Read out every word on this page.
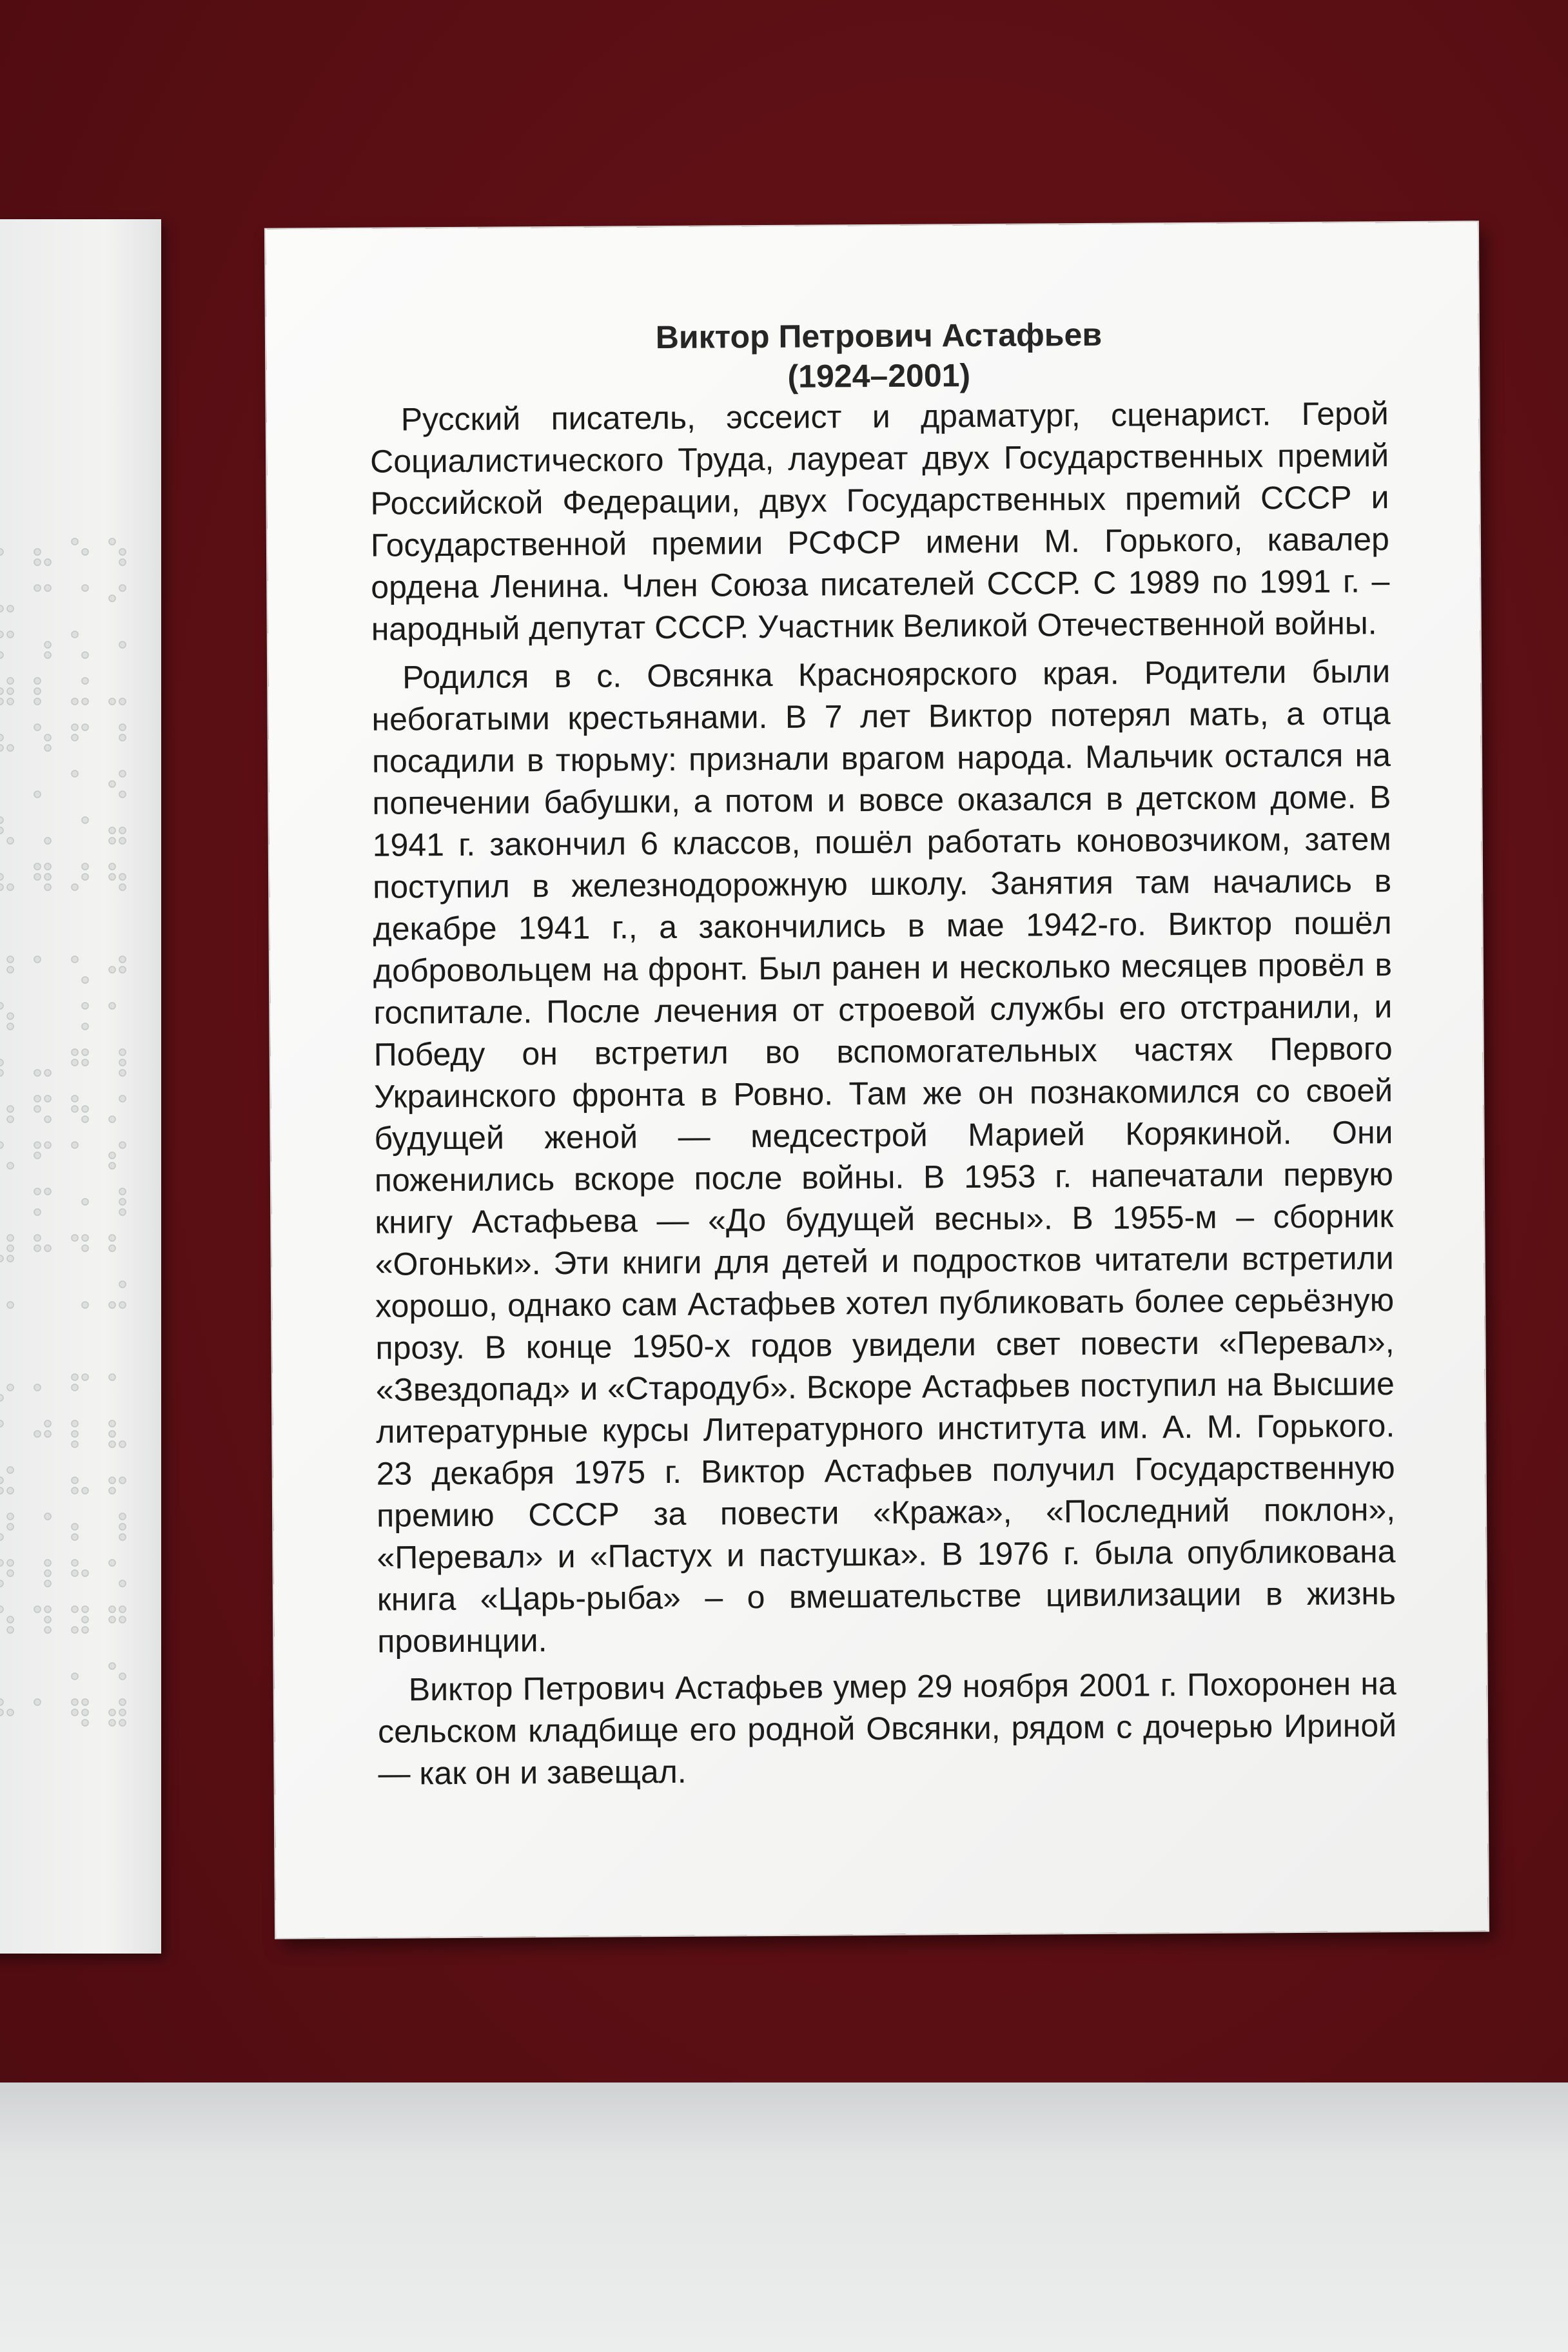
Виктор Петрович Астафьев
(1924–2001)

Русский писатель, эссеист и драматург, сценарист. Герой Социалистического Труда, лауреат двух Государственных премий Российской Федерации, двух Государственных преmий СССР и Государственной премии РСФСР имени М. Горького, кавалер ордена Ленина. Член Союза писателей СССР. С 1989 по 1991 г. – народный депутат СССР. Участник Великой Отечественной войны.

Родился в с. Овсянка Красноярского края. Родители были небогатыми крестьянами. В 7 лет Виктор потерял мать, а отца посадили в тюрьму: признали врагом народа. Мальчик остался на попечении бабушки, а потом и вовсе оказался в детском доме. В 1941 г. закончил 6 классов, пошёл работать коновозчиком, затем поступил в железнодорожную школу. Занятия там начались в декабре 1941 г., а закончились в мае 1942-го. Виктор пошёл добровольцем на фронт. Был ранен и несколько месяцев провёл в госпитале. После лечения от строевой службы его отстранили, и Победу он встретил во вспомогательных частях Первого Украинского фронта в Ровно. Там же он познакомился со своей будущей женой — медсестрой Марией Корякиной. Они поженились вскоре после войны. В 1953 г. напечатали первую книгу Астафьева — «До будущей весны». В 1955-м – сборник «Огоньки». Эти книги для детей и подростков читатели встретили хорошо, однако сам Астафьев хотел публиковать более серьёзную прозу. В конце 1950-х годов увидели свет повести «Перевал», «Звездопад» и «Стародуб». Вскоре Астафьев поступил на Высшие литературные курсы Литературного института им. А. М. Горького. 23 декабря 1975 г. Виктор Астафьев получил Государственную премию СССР за повести «Кража», «Последний поклон», «Перевал» и «Пастух и пастушка». В 1976 г. была опубликована книга «Царь-рыба» – о вмешательстве цивилизации в жизнь провинции.

Виктор Петрович Астафьев умер 29 ноября 2001 г. Похоронен на сельском кладбище его родной Овсянки, рядом с дочерью Ириной — как он и завещал.
